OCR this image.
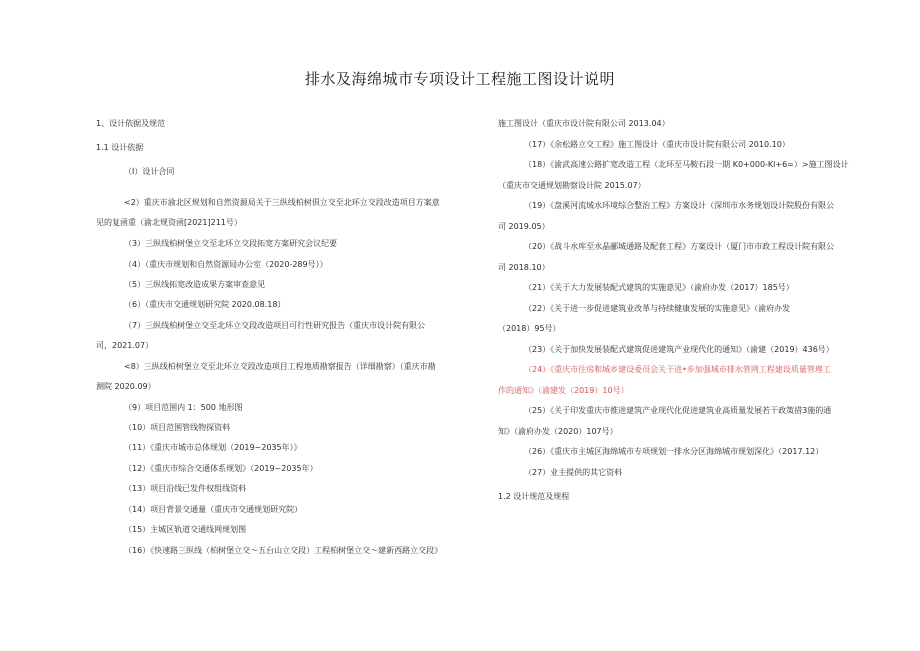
排水及海绵城市专项设计工程施工图设计说明
1、设计依据及规范
1.1 设计依据
（I）设计合同
<2）重庆市渝北区规划和自然资源局关于三纵线柏树倶立交至北环立交段改造项目方案意
见的复函重（渝北规资函[2021]211号）
（3）三纵线柏树堡立交至北环立交段拓宽方案研究会议纪要
（4）（重庆市规划和自然资源局办公室（2020-289号））
（5）三纵线拓宽改造成果方案审查意见
（6）（重庆市交通规划研究院 2020.08.18）
（7）三纵线柏树堡立交至北环立交段改造项目可行性研究报告（重庆市设计院有限公
司，2021.07）
<8）三纵线柏树堡立交至北环立交段改造项目工程地质勘察报告（详细勘察）（重庆市勘
测院 2020.09）
（9）项目范围内 1：500 地形图
（10）项目范围管线物探资料
（11）《重庆市城市总体规划（2019~2035年）》
（12）《重庆市综合交通体系规划》（2019~2035年）
（13）项目沿线已发件权组线资料
（14）项目背景交通量（重庆市交通规划研究院）
（15）主城区轨道交通线网规划图
（16）《快速路三纵线（柏树堡立交～五台山立交段）工程柏树堡立交～建新西路立交段》
施工图设计（重庆市设计院有限公司 2013.04）
（17）《余松路立交工程》施工图设计（重庆市设计院有限公司 2010.10）
（18）《渝武高速公路扩宽改造工程（北环至马鞍石段一期 K0+000-Kl+6=）>施工图设计
（重庆市交通规划勘察设计院 2015.07）
（19）《盘溪河流域水环境综合整治工程》方案设计（深圳市水务规划设计院股份有限公
司 2019.05）
（20）《战斗水库至水晶郦城通路及配套工程》方案设计（厦门市市政工程设计院有限公
司 2018.10）
（21）《关于大力发展装配式建筑的实施意见》（渝府办发（2017）185号）
（22）《关于进一步促进建筑业改革与持续健康发展的实施意见》（渝府办发
（2018）95号）
（23）《关于加快发展装配式建筑促进建筑产业现代化的通知》（渝建（2019）436号）
（24）《重庆市住房和城乡建设委员会关于进•步加强城市排水管网工程建设质量管理工
作的通知》（渝建发（2019）10号）
（25）《关于印发重庆市推进建筑产业现代化促进建筑业高质量发展若干政策措3施的通
知》（渝府办发（2020）107号）
（26）《重庆市主城区海绵城市专项规划一排水分区海绵城市规划深化》（2017.12）
（27）业主提供的其它资料
1.2 设计规范及规程
